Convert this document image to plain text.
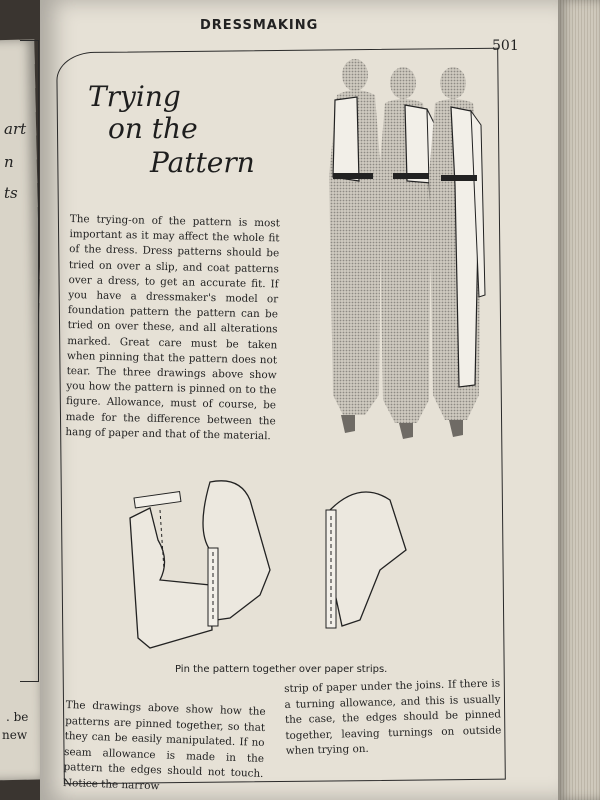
art
n
ts
. be
new
DRESSMAKING
501
Trying
on the
Pattern
The trying-on of the pattern is most important as it may affect the whole fit of the dress. Dress patterns should be tried on over a slip, and coat patterns over a dress, to get an accurate fit. If you have a dressmaker's model or foundation pattern the pattern can be tried on over these, and all alterations marked. Great care must be taken when pinning that the pattern does not tear. The three drawings above show you how the pattern is pinned on to the figure. Allowance, must of course, be made for the difference between the hang of paper and that of the material.
Pin the pattern together over paper strips.
The drawings above show how the patterns are pinned together, so that they can be easily manipulated. If no seam allowance is made in the pattern the edges should not touch. Notice the narrow
strip of paper under the joins. If there is a turning allowance, and this is usually the case, the edges should be pinned together, leaving turnings on outside when trying on.
